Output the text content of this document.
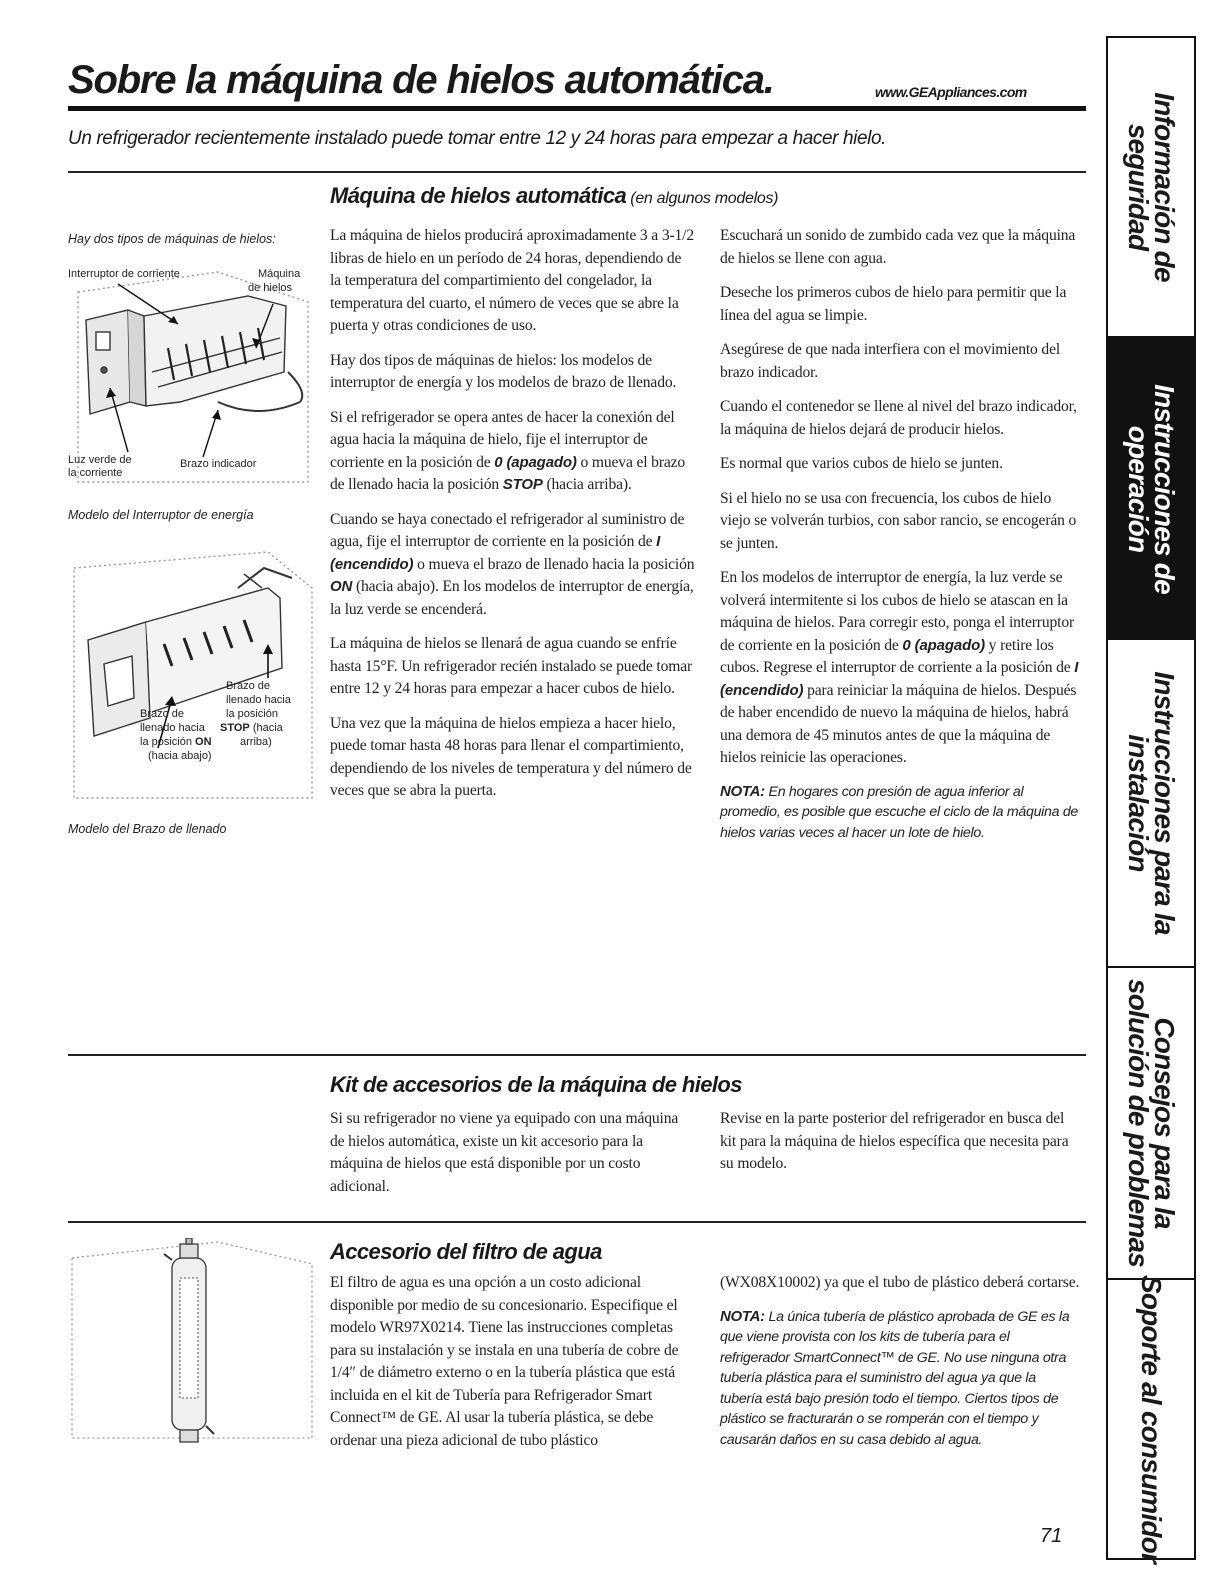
Sobre la máquina de hielos automática.	www.GEAppliances.com
Un refrigerador recientemente instalado puede tomar entre 12 y 24 horas para empezar a hacer hielo.
Máquina de hielos automática (en algunos modelos)
Hay dos tipos de máquinas de hielos:
Interruptor de corriente	Máquina
de hielos
Luz verde de
la corriente
Brazo indicador
Modelo del Interruptor de energía
Brazo de
llenado hacia
la posición
STOP (hacia
arriba)
Brazo de
llenado hacia
la posición ON
(hacia abajo)
Modelo del Brazo de llenado

La máquina de hielos producirá aproximadamente 3 a 3-1/2 libras de hielo en un período de 24 horas, dependiendo de la temperatura del compartimiento del congelador, la temperatura del cuarto, el número de veces que se abre la puerta y otras condiciones de uso.

Hay dos tipos de máquinas de hielos: los modelos de interruptor de energía y los modelos de brazo de llenado.

Si el refrigerador se opera antes de hacer la conexión del agua hacia la máquina de hielo, fije el interruptor de corriente en la posición de 0 (apagado) o mueva el brazo de llenado hacia la posición STOP (hacia arriba).

Cuando se haya conectado el refrigerador al suministro de agua, fije el interruptor de corriente en la posición de I (encendido) o mueva el brazo de llenado hacia la posición ON (hacia abajo). En los modelos de interruptor de energía, la luz verde se encenderá.

La máquina de hielos se llenará de agua cuando se enfríe hasta 15°F. Un refrigerador recién instalado se puede tomar entre 12 y 24 horas para empezar a hacer cubos de hielo.

Una vez que la máquina de hielos empieza a hacer hielo, puede tomar hasta 48 horas para llenar el compartimiento, dependiendo de los niveles de temperatura y del número de veces que se abra la puerta.

Escuchará un sonido de zumbido cada vez que la máquina de hielos se llene con agua.

Deseche los primeros cubos de hielo para permitir que la línea del agua se limpie.

Asegúrese de que nada interfiera con el movimiento del brazo indicador.

Cuando el contenedor se llene al nivel del brazo indicador, la máquina de hielos dejará de producir hielos.

Es normal que varios cubos de hielo se junten.

Si el hielo no se usa con frecuencia, los cubos de hielo viejo se volverán turbios, con sabor rancio, se encogerán o se junten.

En los modelos de interruptor de energía, la luz verde se volverá intermitente si los cubos de hielo se atascan en la máquina de hielos. Para corregir esto, ponga el interruptor de corriente en la posición de 0 (apagado) y retire los cubos. Regrese el interruptor de corriente a la posición de I (encendido) para reiniciar la máquina de hielos. Después de haber encendido de nuevo la máquina de hielos, habrá una demora de 45 minutos antes de que la máquina de hielos reinicie las operaciones.

NOTA: En hogares con presión de agua inferior al promedio, es posible que escuche el ciclo de la máquina de hielos varias veces al hacer un lote de hielo.

Kit de accesorios de la máquina de hielos

Si su refrigerador no viene ya equipado con una máquina de hielos automática, existe un kit accesorio para la máquina de hielos que está disponible por un costo adicional.

Revise en la parte posterior del refrigerador en busca del kit para la máquina de hielos específica que necesita para su modelo.

Accesorio del filtro de agua

El filtro de agua es una opción a un costo adicional disponible por medio de su concesionario. Especifique el modelo WR97X0214. Tiene las instrucciones completas para su instalación y se instala en una tubería de cobre de 1/4″ de diámetro externo o en la tubería plástica que está incluida en el kit de Tubería para Refrigerador Smart Connect™ de GE. Al usar la tubería plástica, se debe ordenar una pieza adicional de tubo plástico

(WX08X10002) ya que el tubo de plástico deberá cortarse.

NOTA: La única tubería de plástico aprobada de GE es la que viene provista con los kits de tubería para el refrigerador SmartConnect™ de GE. No use ninguna otra tubería plástica para el suministro del agua ya que la tubería está bajo presión todo el tiempo. Ciertos tipos de plástico se fracturarán o se romperán con el tiempo y causarán daños en su casa debido al agua.

71
Información de
seguridad
Instrucciones de
operación
Instrucciones para la
instalación
Consejos para la
solución de problemas
Soporte al consumidor
